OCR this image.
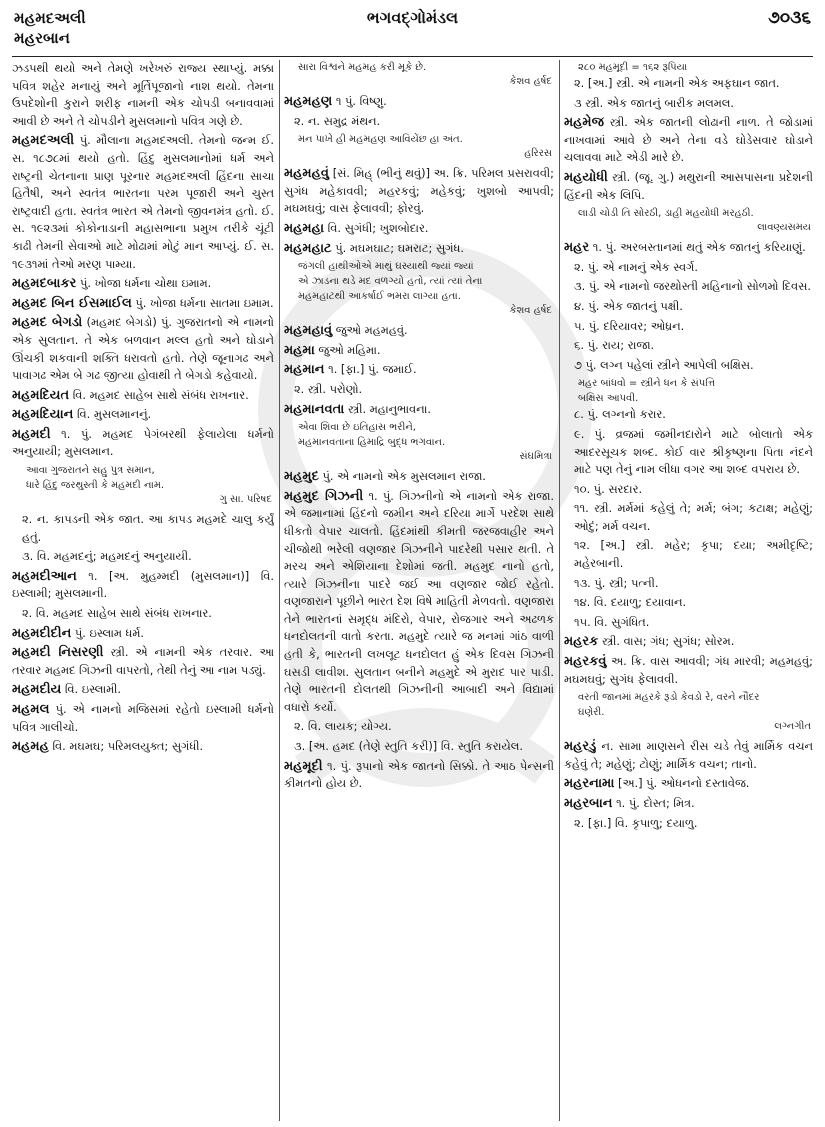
મહમદઅલી
મહરબાન
ભગવદ્ગોમંડલ	૭૦૩૬
ઝડપથી થયો અને તેમણે ખરેખરું રાજ્ય સ્થાપ્યું. મક્કા પવિત્ર શહેર મનાયું અને મૂર્તિપૂજાનો નાશ થયો. તેમના ઉપદેશોની કુરાને શરીફ નામની એક ચોપડી બનાવવામાં આવી છે અને તે ચોપડીને મુસલમાનો પવિત્ર ગણે છે.
મહમદઅલી પું. મૌલાના મહમદઅલી. તેમનો જન્મ ઈ. સ. ૧૮૭૮માં થયો હતો. હિંદુ મુસલમાનોમાં ધર્મ અને રાષ્ટ્રની ચેતનાના પ્રાણ પૂરનાર મહમદઅલી હિંદના સાચા હિતૈષી, અને સ્વતંત્ર ભારતના પરમ પૂજારી અને ચુસ્ત રાષ્ટ્રવાદી હતા. સ્વતંત્ર ભારત એ તેમનો જીવનમંત્ર હતો. ઈ. સ. ૧૯૨૩માં કોકોનાડાની મહાસભાના પ્રમુખ તરીકે ચૂંટી કાઢી તેમની સેવાઓ માટે મોઢામાં મોટું માન આપ્યું. ઈ. સ. ૧૯૩૧માં તેઓ મરણ પામ્યા.
મહમદબાકર પું. ખોજા ધર્મના ચોથા ઇમામ.
મહમદ બિન ઈસમાઈલ પું. ખોજા ધર્મના સાતમા ઇમામ.
મહમદ બેગડો (મહમદ બેગડો) પું. ગુજરાતનો એ નામનો એક સુલતાન. તે એક બળવાન મલ્લ હતો અને ઘોડાને ઊંચકી શકવાની શક્તિ ધરાવતો હતો. તેણે જૂનાગઢ અને પાવાગઢ એમ બે ગઢ જીત્યા હોવાથી તે બેગડો કહેવાયો.
મહમદિયત વિ. મહમદ સાહેબ સાથે સંબંધ રાખનાર.
મહમદિયાન વિ. મુસલમાનનું.
મહમદી ૧. પું. મહમદ પેગંબરથી ફેલાયેલા ધર્મનો અનુયાયી; મુસલમાન.
આવા ગુજરાતને સહુ પુત્ર સમાન,
ધારે હિંદુ જરથુસ્તી કે મહમદી નામ.
ગુ સા. પરિષદ
૨. ન. કાપડની એક જાત. આ કાપડ મહમદે ચાલુ કર્યું હતું.
૩. વિ. મહમદનું; મહમદનું અનુયાયી.
મહમદીઆન ૧. [અ. મુહમ્મદી (મુસલમાન)] વિ. ઇસ્લામી; મુસલમાની.
૨. વિ. મહમદ સાહેબ સાથે સંબંધ રાખનાર.
મહમદીદીન પું. ઇસ્લામ ધર્મ.
મહમદી નિસરણી સ્ત્રી. એ નામની એક તરવાર. આ તરવાર મહમદ ગિઝની વાપરતો, તેથી તેનું આ નામ પડ્યું.
મહમદીય વિ. ઇસ્લામી.
મહમલ પું. એ નામનો મજિસમાં રહેતો ઇસ્લામી ધર્મનો પવિત્ર ગાલીચો.
મહમહ વિ. મઘમઘ; પરિમલયુક્ત; સુગંધી.
સારા વિશ્વને મહમહ કરી મૂકે છે.
કેશવ હર્ષદ
મહમહણ ૧ પું. વિષ્ણુ.
૨. ન. સમુદ્ર મંથન.
મન પાખે હી મહમહણ આવિયેંછ હા અંત.
હરિરસ
મહમહવું [સં. મિહ્ (ભીનું થવું)] અ. ક્રિ. પરિમલ પ્રસરાવવી; સુગંધ મહેકાવવી; મહરકવું; મહેકવું; ખુશબો આપવી; મઘમઘવું; વાસ ફેલાવવી; ફોરવું.
મહમહા વિ. સુગંધી; ખુશબોદાર.
મહમહાટ પું. મઘમઘાટ; ઘમરાટ; સુગંધ.
જંગલી હાથીઓએ માથું ઘસ્યાથી જ્યાં જ્યાં
એ ઝાડના થડે મદ વળગ્યો હતો, ત્યાં ત્યાં તેના
મહમહાટથી આકર્ષાઈ ભમરા લાગ્યા હતા.
કેશવ હર્ષદ
મહમહાવું જુઓ મહમહવું.
મહમા જુઓ મહિમા.
મહમાન ૧. [ફા.] પું. જમાઈ.
૨. સ્ત્રી. પરોણો.
મહમાનવતા સ્ત્રી. મહાનુભાવના.
એવા શિવા છે ઇતિહાસ ભરીને,
મહમાનવતાના હિમાદ્રિ બુદ્ધ ભગવાન.
સંઘમિત્રા
મહમુદ પું. એ નામનો એક મુસલમાન રાજા.
મહમુદ ગિઝની ૧. પું. ગિઝનીનો એ નામનો એક રાજા. એ જમાનામાં હિંદનો જમીન અને દરિયા માર્ગે પરદેશ સાથે ધીકતો વેપાર ચાલતો. હિંદમાંથી કીમતી જરજવાહીર અને ચીજોથી ભરેલી વણજાર ગિઝનીને પાદરેથી પસાર થતી. તે મરચ અને એશિયાના દેશોમાં જતી. મહમુદ નાનો હતો, ત્યારે ગિઝનીના પાદરે જઈ આ વણજાર જોઈ રહેતો. વણજારાને પૂછીને ભારત દેશ વિષે માહિતી મેળવતો. વણજારા તેને ભારતનાં સમૃદ્ધ મંદિરો, વેપાર, રોજગાર અને અઢળક ધનદોલતની વાતો કરતા. મહમુદે ત્યારે જ મનમાં ગાંઠ વાળી હતી કે, ભારતની લખલૂટ ધનદોલત હું એક દિવસ ગિઝની ઘસડી લાવીશ. સુલતાન બનીને મહમુદે એ મુરાદ પાર પાડી. તેણે ભારતની દોલતથી ગિઝનીની આબાદી અને વિદ્યામાં વધારો કર્યો.
૨. વિ. લાયક; યોગ્ય.
૩. [અ. હમદ (તેણે સ્તુતિ કરી)] વિ. સ્તુતિ કરાયેલ.
મહમૂદી ૧. પું. રૂપાનો એક જાતનો સિક્કો. તે આઠ પેન્સની કીમતનો હોય છે.
૨૮૦ મહમૂદી = ૧૬૨ રૂપિયા
૨. [અ.] સ્ત્રી. એ નામની એક અફઘાન જાત.
૩ સ્ત્રી. એક જાતનું બારીક મલમલ.
મહમેજ સ્ત્રી. એક જાતની લોઢાની નાળ. તે જોડામાં નાખવામાં આવે છે અને તેના વડે ઘોડેસવાર ઘોડાને ચલાવવા માટે એડી મારે છે.
મહયોધી સ્ત્રી. (જૂ. ગુ.) મથુરાની આસપાસના પ્રદેશની હિંદની એક લિપિ.
લાડી ચોડી તિ સોરઠી, ડાહી મહયોધી મરહઠી.
લાવણ્યસમય
મહર ૧. પું. અરબસ્તાનમાં થતું એક જાતનું કરિયાણું.
૨. પું. એ નામનું એક સ્વર્ગ.
૩. પું. એ નામનો જરથોસ્તી મહિનાનો સોળમો દિવસ.
૪. પું. એક જાતનું પક્ષી.
૫. પું. દરિયાવર; ઓધ્રન.
૬. પું. રાય; રાજા.
૭ પું. લગ્ન પહેલાં સ્ત્રીને આપેલી બક્ષિસ.
મહર બાંધવો = સ્ત્રીને ધન કે સંપત્તિ
બક્ષિસ આપવી.
૮. પું. લગ્નનો કરાર.
૯. પું. વ્રજમાં જમીનદારોને માટે બોલાતો એક આદરસૂચક શબ્દ. કોઈ વાર શ્રીકૃષ્ણના પિતા નંદને માટે પણ તેનું નામ લીધા વગર આ શબ્દ વપરાય છે.
૧૦. પું. સરદાર.
૧૧. સ્ત્રી. મર્મમાં કહેલું તે; મર્મ; બંગ; કટાક્ષ; મહેણું; ઓદું; મર્મ વચન.
૧૨. [અ.] સ્ત્રી. મહેર; કૃપા; દયા; અમીદૃષ્ટિ; મહેરબાની.
૧૩. પું. સ્ત્રી; પત્ની.
૧૪. વિ. દયાળુ; દયાવાન.
૧૫. વિ. સુગંધિત.
મહરક સ્ત્રી. વાસ; ગંધ; સુગંધ; સોરમ.
મહરકવું અ. ક્રિ. વાસ આવવી; ગંધ મારવી; મહમહવું; મઘમઘવું; સુગંધ ફેલાવવી.
વરતી જાનમાં મહરકે રૂડો કેવડો રે, વરને નૌંદર
ઘણેરી.
લગ્નગીત
મહરડું ન. સામા માણસને રીસ ચડે તેવું માર્મિક વચન કહેવું તે; મહેણું; ટોણું; માર્મિક વચન; તાનો.
મહરનામા [અ.] પું. ઓધનનો દસ્તાવેજ.
મહરબાન ૧. પું. દોસ્ત; મિત્ર.
૨. [ફા.] વિ. કૃપાળુ; દયાળુ.
